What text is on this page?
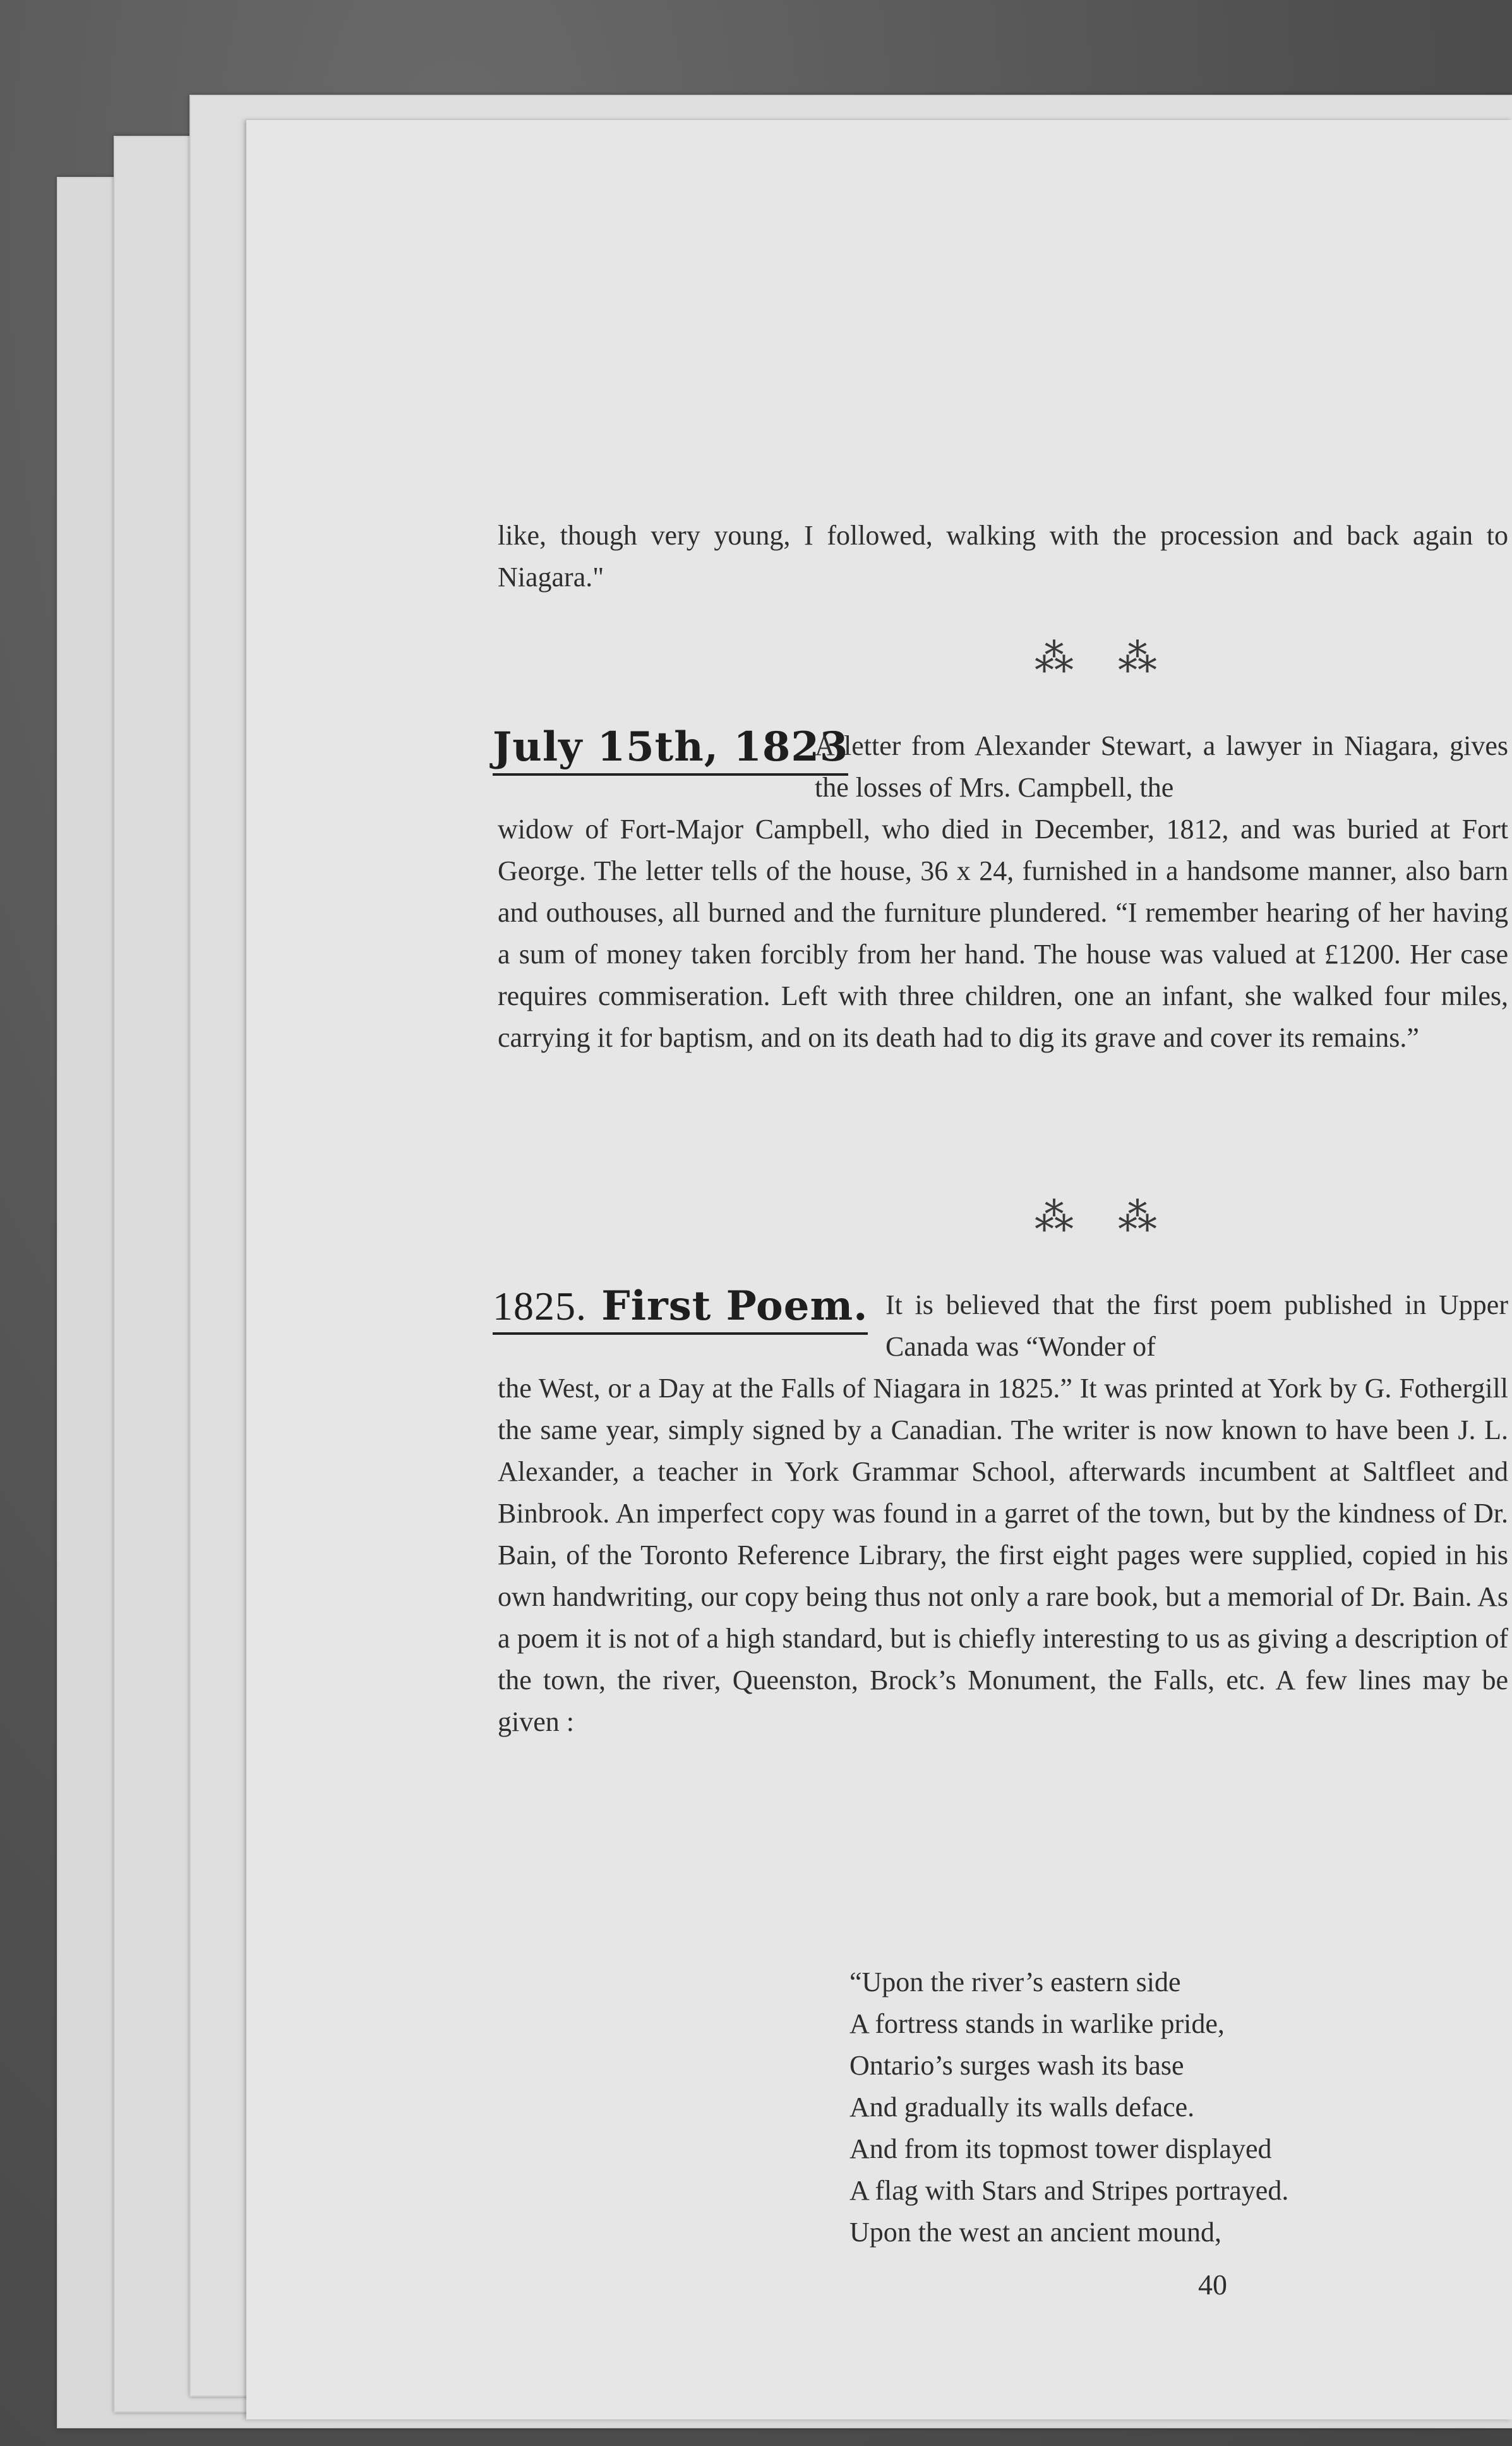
like, though very young, I followed, walking with the procession and back again to Niagara."

⁂⁂
July 15th, 1823

A letter from Alexander Stewart, a lawyer in Niagara, gives the losses of Mrs. Campbell, the

widow of Fort-Major Campbell, who died in December, 1812, and was buried at Fort George. The letter tells of the house, 36 x 24, furnished in a handsome manner, also barn and outhouses, all burned and the furniture plundered. “I remember hearing of her having a sum of money taken forcibly from her hand. The house was valued at £1200. Her case requires commiseration. Left with three children, one an infant, she walked four miles, carrying it for baptism, and on its death had to dig its grave and cover its remains.”

⁂⁂
1825. First Poem. It is believed that the first poem published in Upper Canada was “Wonder of

the West, or a Day at the Falls of Niagara in 1825.” It was printed at York by G. Fothergill the same year, simply signed by a Canadian. The writer is now known to have been J. L. Alexander, a teacher in York Grammar School, afterwards incumbent at Saltfleet and Binbrook. An imperfect copy was found in a garret of the town, but by the kindness of Dr. Bain, of the Toronto Reference Library, the first eight pages were supplied, copied in his own handwriting, our copy being thus not only a rare book, but a memorial of Dr. Bain. As a poem it is not of a high standard, but is chiefly interesting to us as giving a description of the town, the river, Queenston, Brock’s Monument, the Falls, etc. A few lines may be given :

“Upon the river’s eastern side
A fortress stands in warlike pride,
Ontario’s surges wash its base
And gradually its walls deface.
And from its topmost tower displayed
A flag with Stars and Stripes portrayed.
Upon the west an ancient mound,
40
